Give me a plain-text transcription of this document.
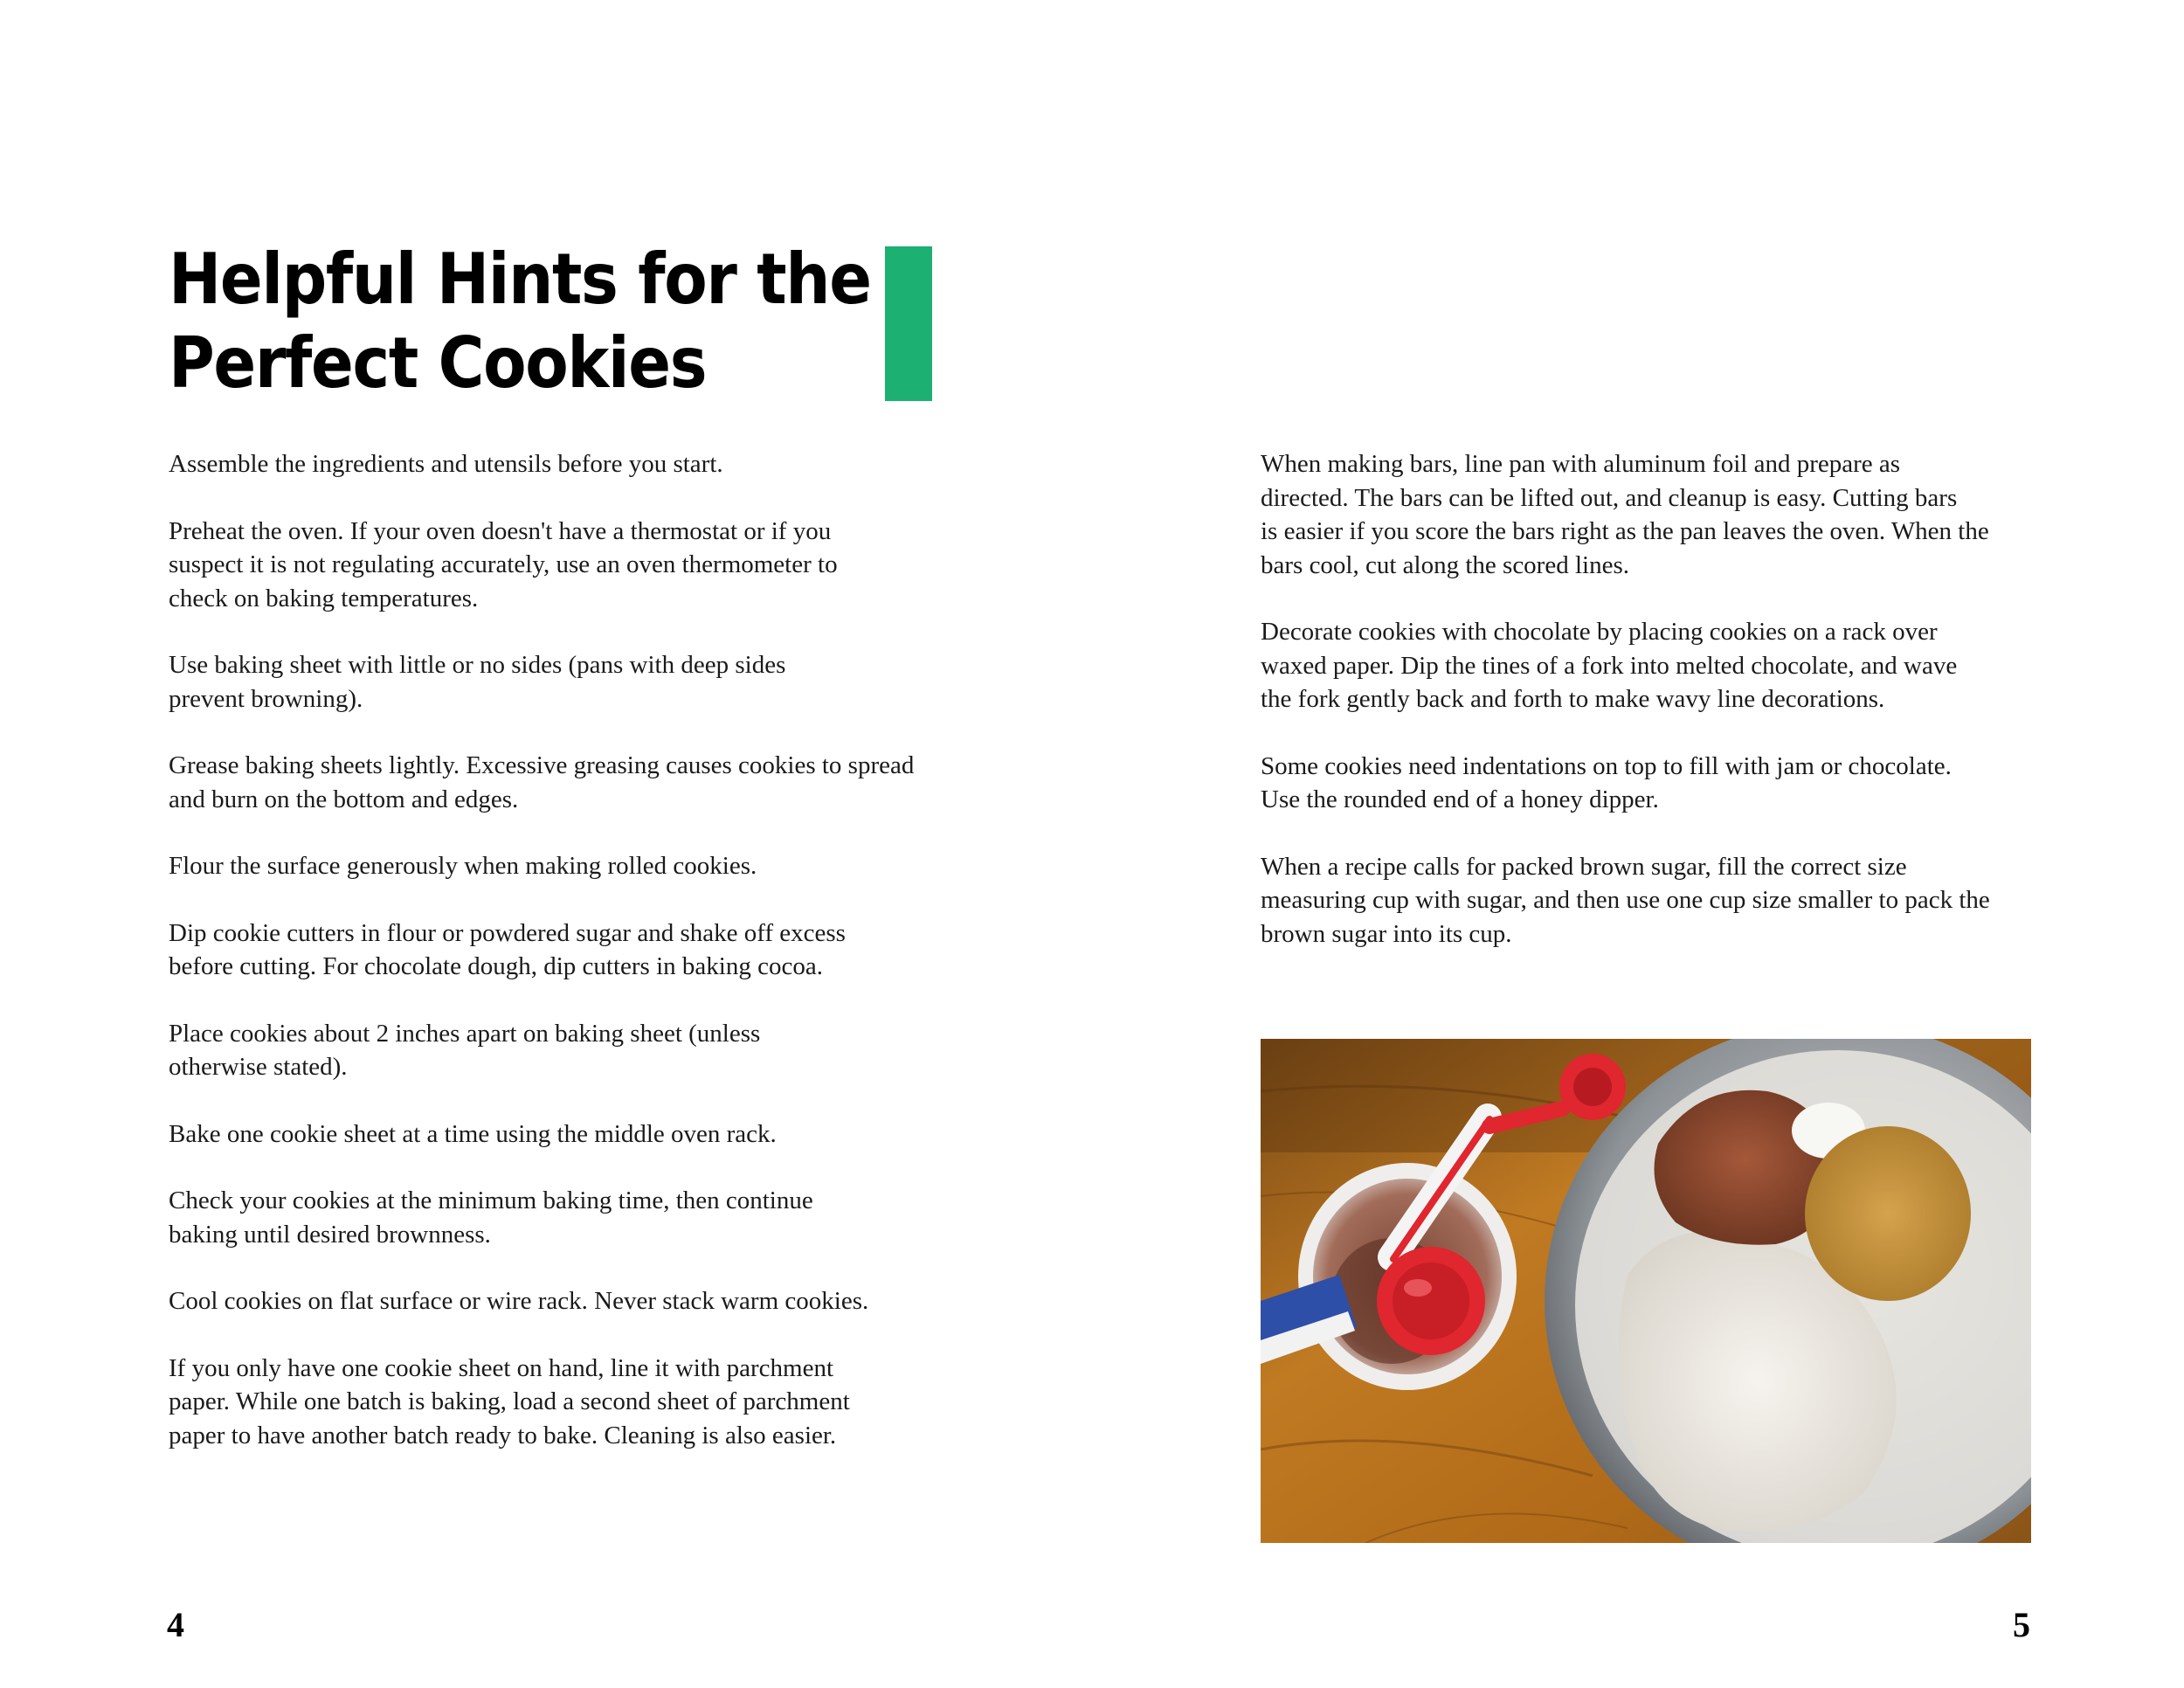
Helpful Hints for the
Perfect Cookies
Assemble the ingredients and utensils before you start.
Preheat the oven. If your oven doesn't have a thermostat or if you
suspect it is not regulating accurately, use an oven thermometer to
check on baking temperatures.
Use baking sheet with little or no sides (pans with deep sides
prevent browning).
Grease baking sheets lightly. Excessive greasing causes cookies to spread
and burn on the bottom and edges.
Flour the surface generously when making rolled cookies.
Dip cookie cutters in flour or powdered sugar and shake off excess
before cutting. For chocolate dough, dip cutters in baking cocoa.
Place cookies about 2 inches apart on baking sheet (unless
otherwise stated).
Bake one cookie sheet at a time using the middle oven rack.
Check your cookies at the minimum baking time, then continue
baking until desired brownness.
Cool cookies on flat surface or wire rack. Never stack warm cookies.
If you only have one cookie sheet on hand, line it with parchment
paper. While one batch is baking, load a second sheet of parchment
paper to have another batch ready to bake. Cleaning is also easier.
4
When making bars, line pan with aluminum foil and prepare as
directed. The bars can be lifted out, and cleanup is easy. Cutting bars
is easier if you score the bars right as the pan leaves the oven. When the
bars cool, cut along the scored lines.
Decorate cookies with chocolate by placing cookies on a rack over
waxed paper. Dip the tines of a fork into melted chocolate, and wave
the fork gently back and forth to make wavy line decorations.
Some cookies need indentations on top to fill with jam or chocolate.
Use the rounded end of a honey dipper.
When a recipe calls for packed brown sugar, fill the correct size
measuring cup with sugar, and then use one cup size smaller to pack the
brown sugar into its cup.
5
